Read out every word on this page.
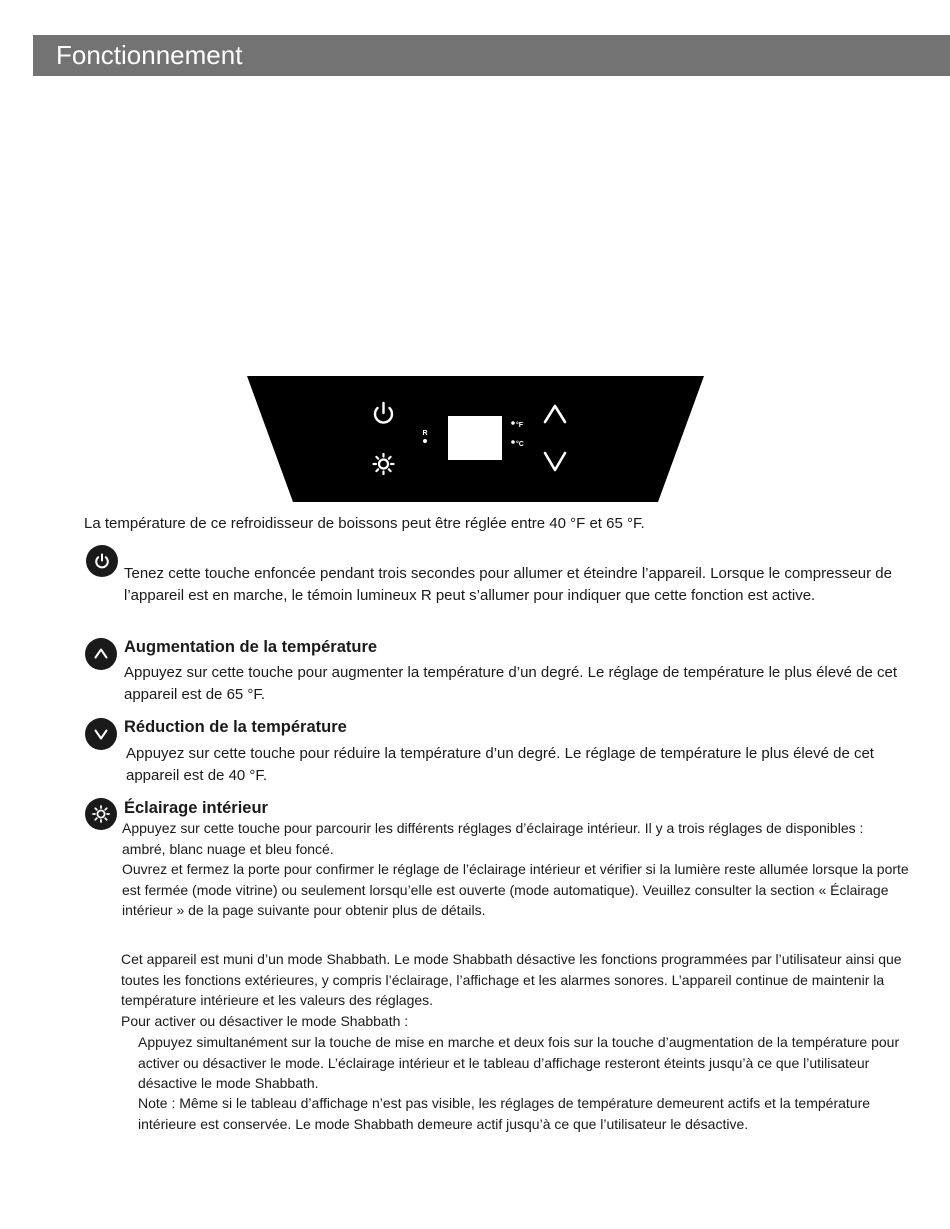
Fonctionnement
R
°F
°C
La température de ce refroidisseur de boissons peut être réglée entre 40 °F et 65 °F.
Tenez cette touche enfoncée pendant trois secondes pour allumer et éteindre l’appareil. Lorsque le compresseur de l’appareil est en marche, le témoin lumineux R peut s’allumer pour indiquer que cette fonction est active.
Augmentation de la température
Appuyez sur cette touche pour augmenter la température d’un degré. Le réglage de température le plus élevé de cet appareil est de 65 °F.
Réduction de la température
Appuyez sur cette touche pour réduire la température d’un degré. Le réglage de température le plus élevé de cet appareil est de 40 °F.
Éclairage intérieur
Appuyez sur cette touche pour parcourir les différents réglages d’éclairage intérieur. Il y a trois réglages de disponibles : ambré, blanc nuage et bleu foncé.
Ouvrez et fermez la porte pour confirmer le réglage de l’éclairage intérieur et vérifier si la lumière reste allumée lorsque la porte est fermée (mode vitrine) ou seulement lorsqu’elle est ouverte (mode automatique). Veuillez consulter la section « Éclairage intérieur » de la page suivante pour obtenir plus de détails.
Cet appareil est muni d’un mode Shabbath. Le mode Shabbath désactive les fonctions programmées par l’utilisateur ainsi que toutes les fonctions extérieures, y compris l’éclairage, l’affichage et les alarmes sonores. L’appareil continue de maintenir la température intérieure et les valeurs des réglages.
Pour activer ou désactiver le mode Shabbath :
Appuyez simultanément sur la touche de mise en marche et deux fois sur la touche d’augmentation de la température pour activer ou désactiver le mode. L’éclairage intérieur et le tableau d’affichage resteront éteints jusqu’à ce que l’utilisateur désactive le mode Shabbath.
Note : Même si le tableau d’affichage n’est pas visible, les réglages de température demeurent actifs et la température intérieure est conservée. Le mode Shabbath demeure actif jusqu’à ce que l’utilisateur le désactive.
